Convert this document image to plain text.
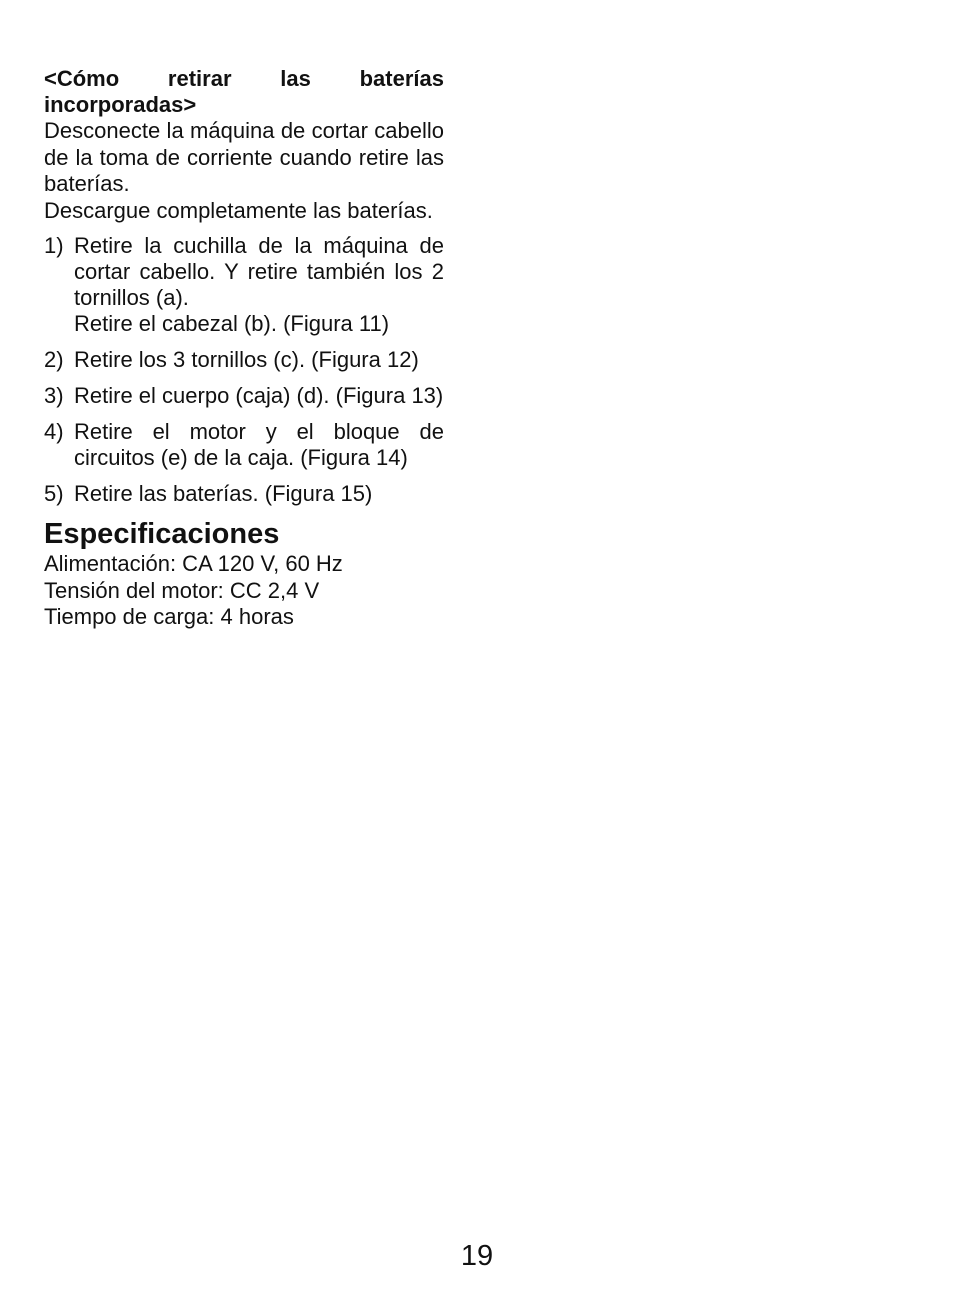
<Cómo retirar las baterías incorporadas>

Desconecte la máquina de cortar cabello de la toma de corriente cuando retire las baterías.

Descargue completamente las baterías.

1) Retire la cuchilla de la máquina de cortar cabello. Y retire también los 2 tornillos (a).
Retire el cabezal (b). (Figura 11)
2) Retire los 3 tornillos (c). (Figura 12)
3) Retire el cuerpo (caja) (d). (Figura 13)
4) Retire el motor y el bloque de circuitos (e) de la caja. (Figura 14)
5) Retire las baterías. (Figura 15)
Especificaciones

Alimentación: CA 120 V, 60 Hz

Tensión del motor: CC 2,4 V

Tiempo de carga: 4 horas

19
